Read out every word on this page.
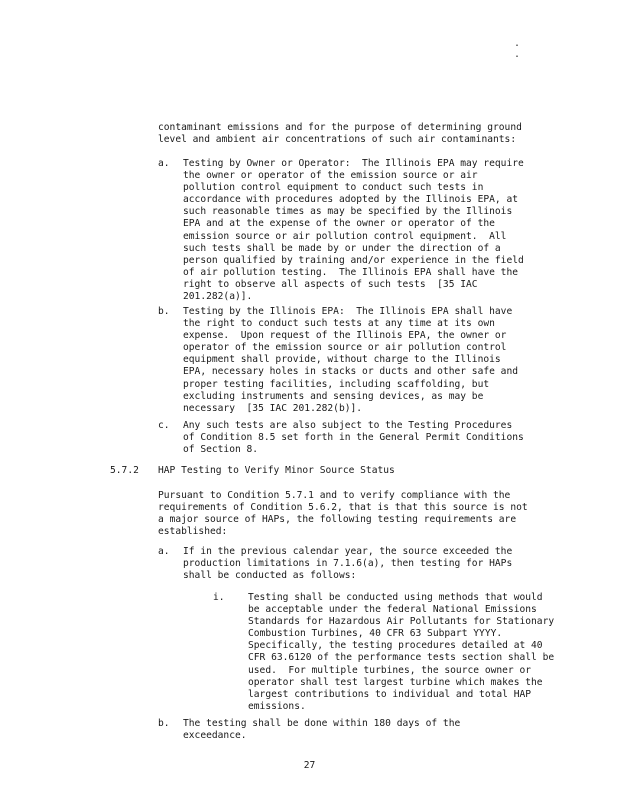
. .
contaminant emissions and for the purpose of determining ground
level and ambient air concentrations of such air contaminants:
a. Testing by Owner or Operator:  The Illinois EPA may require
the owner or operator of the emission source or air
pollution control equipment to conduct such tests in
accordance with procedures adopted by the Illinois EPA, at
such reasonable times as may be specified by the Illinois
EPA and at the expense of the owner or operator of the
emission source or air pollution control equipment.  All
such tests shall be made by or under the direction of a
person qualified by training and/or experience in the field
of air pollution testing.  The Illinois EPA shall have the
right to observe all aspects of such tests  [35 IAC
201.282(a)].
b. Testing by the Illinois EPA:  The Illinois EPA shall have
the right to conduct such tests at any time at its own
expense.  Upon request of the Illinois EPA, the owner or
operator of the emission source or air pollution control
equipment shall provide, without charge to the Illinois
EPA, necessary holes in stacks or ducts and other safe and
proper testing facilities, including scaffolding, but
excluding instruments and sensing devices, as may be
necessary  [35 IAC 201.282(b)].
c. Any such tests are also subject to the Testing Procedures
of Condition 8.5 set forth in the General Permit Conditions
of Section 8.
5.7.2 HAP Testing to Verify Minor Source Status
Pursuant to Condition 5.7.1 and to verify compliance with the
requirements of Condition 5.6.2, that is that this source is not
a major source of HAPs, the following testing requirements are
established:
a. If in the previous calendar year, the source exceeded the
production limitations in 7.1.6(a), then testing for HAPs
shall be conducted as follows:
i. Testing shall be conducted using methods that would
be acceptable under the federal National Emissions
Standards for Hazardous Air Pollutants for Stationary
Combustion Turbines, 40 CFR 63 Subpart YYYY.
Specifically, the testing procedures detailed at 40
CFR 63.6120 of the performance tests section shall be
used.  For multiple turbines, the source owner or
operator shall test largest turbine which makes the
largest contributions to individual and total HAP
emissions.
b. The testing shall be done within 180 days of the
exceedance.
27
